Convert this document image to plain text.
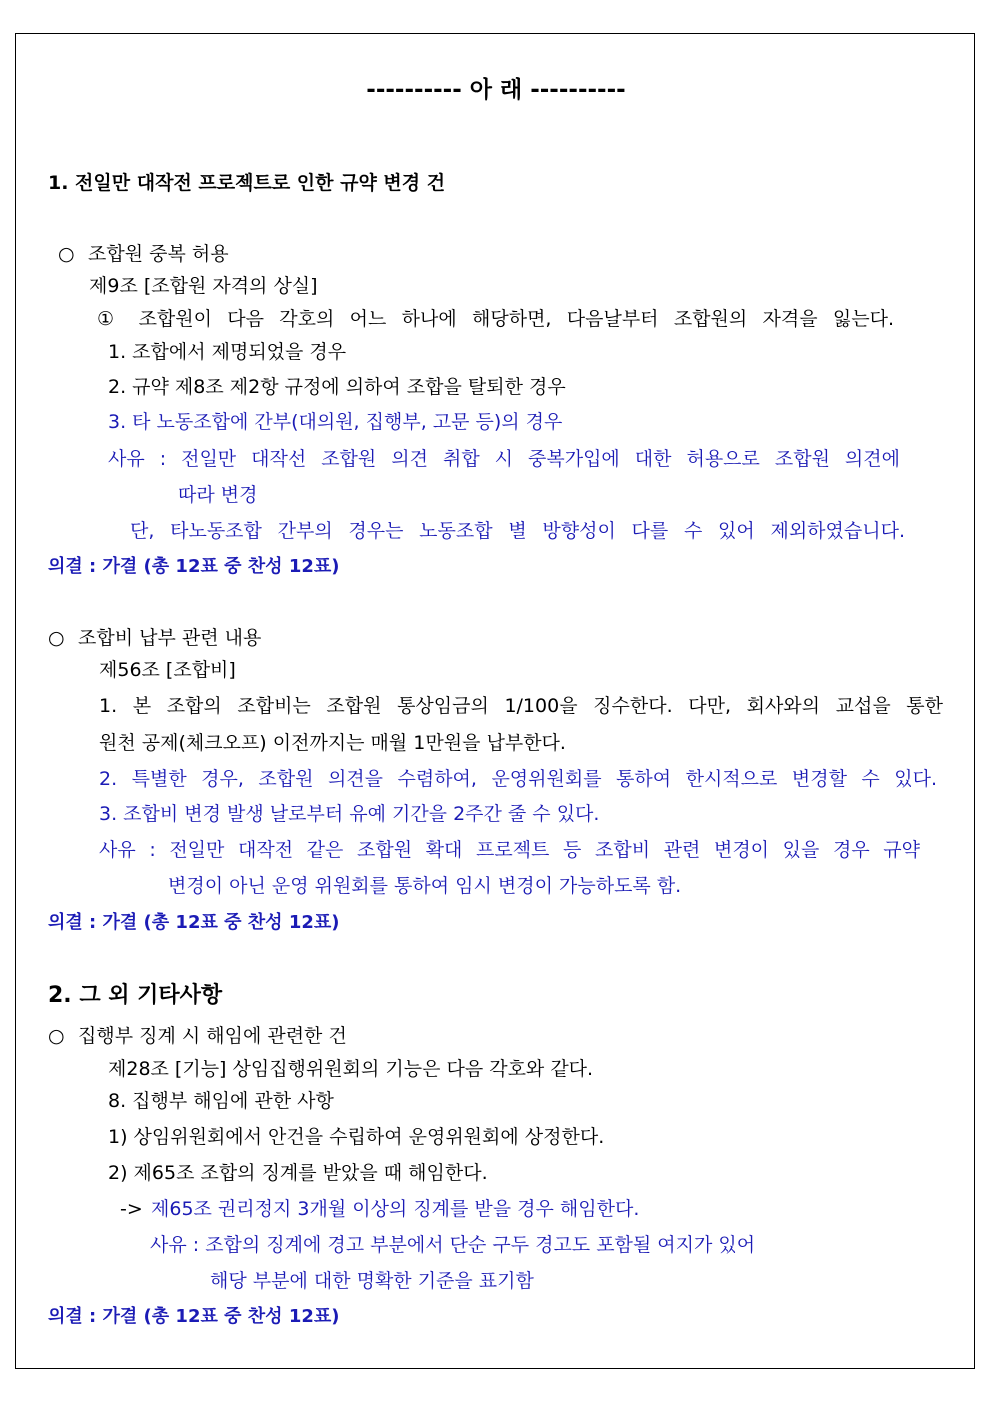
---------- 아 래 ----------
1. 전일만 대작전 프로젝트로 인한 규약 변경 건
○ 조합원 중복 허용
제9조 [조합원 자격의 상실]
① 조합원이 다음 각호의 어느 하나에 해당하면, 다음날부터 조합원의 자격을 잃는다.
1. 조합에서 제명되었을 경우
2. 규약 제8조 제2항 규정에 의하여 조합을 탈퇴한 경우
3. 타 노동조합에 간부(대의원, 집행부, 고문 등)의 경우
사유 : 전일만 대작선 조합원 의견 취합 시 중복가입에 대한 허용으로 조합원 의견에
따라 변경
단, 타노동조합 간부의 경우는 노동조합 별 방향성이 다를 수 있어 제외하였습니다.
의결 : 가결 (총 12표 중 찬성 12표)
○ 조합비 납부 관련 내용
제56조 [조합비]
1. 본 조합의 조합비는 조합원 통상임금의 1/100을 징수한다. 다만, 회사와의 교섭을 통한
원천 공제(체크오프) 이전까지는 매월 1만원을 납부한다.
2. 특별한 경우, 조합원 의견을 수렴하여, 운영위원회를 통하여 한시적으로 변경할 수 있다.
3. 조합비 변경 발생 날로부터 유예 기간을 2주간 줄 수 있다.
사유 : 전일만 대작전 같은 조합원 확대 프로젝트 등 조합비 관련 변경이 있을 경우 규약
변경이 아닌 운영 위원회를 통하여 임시 변경이 가능하도록 함.
의결 : 가결 (총 12표 중 찬성 12표)
2. 그 외 기타사항
○ 집행부 징계 시 해임에 관련한 건
제28조 [기능] 상임집행위원회의 기능은 다음 각호와 같다.
8. 집행부 해임에 관한 사항
1) 상임위원회에서 안건을 수립하여 운영위원회에 상정한다.
2) 제65조 조합의 징계를 받았을 때 해임한다.
-> 제65조 권리정지 3개월 이상의 징계를 받을 경우 해임한다.
사유 : 조합의 징계에 경고 부분에서 단순 구두 경고도 포함될 여지가 있어
해당 부분에 대한 명확한 기준을 표기함
의결 : 가결 (총 12표 중 찬성 12표)
